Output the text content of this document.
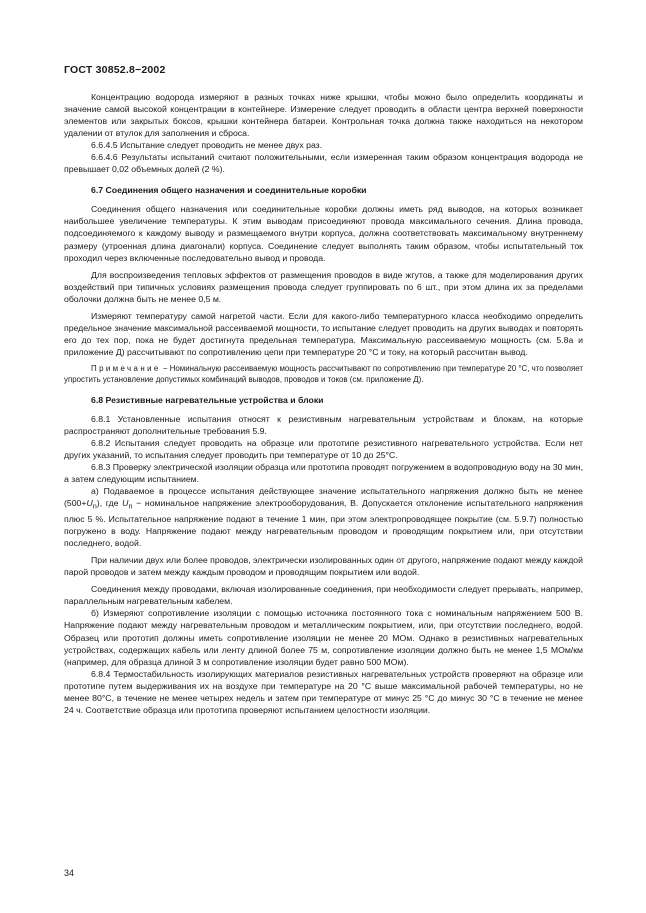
ГОСТ 30852.8−2002

Концентрацию водорода измеряют в разных точках ниже крышки, чтобы можно было определить координаты и значение самой высокой концентрации в контейнере. Измерение следует проводить в области центра верхней поверхности элементов или закрытых боксов, крышки контейнера батареи. Контрольная точка должна также находиться на некотором удалении от втулок для заполнения и сброса.

6.6.4.5 Испытание следует проводить не менее двух раз.

6.6.4.6 Результаты испытаний считают положительными, если измеренная таким образом концентрация водорода не превышает 0,02 объемных долей (2 %).

6.7 Соединения общего назначения и соединительные коробки

Соединения общего назначения или соединительные коробки должны иметь ряд выводов, на которых возникает наибольшее увеличение температуры. К этим выводам присоединяют провода максимального сечения. Длина провода, подсоединяемого к каждому выводу и размещаемого внутри корпуса, должна соответствовать максимальному внутреннему размеру (утроенная длина диагонали) корпуса. Соединение следует выполнять таким образом, чтобы испытательный ток проходил через включенные последовательно вывод и провода.

Для воспроизведения тепловых эффектов от размещения проводов в виде жгутов, а также для моделирования других воздействий при типичных условиях размещения провода следует группировать по 6 шт., при этом длина их за пределами оболочки должна быть не менее 0,5 м.

Измеряют температуру самой нагретой части. Если для какого-либо температурного класса необходимо определить предельное значение максимальной рассеиваемой мощности, то испытание следует проводить на других выводах и повторять его до тех пор, пока не будет достигнута предельная температура. Максимальную рассеиваемую мощность (см. 5.8а и приложение Д) рассчитывают по сопротивлению цепи при температуре 20 °С и току, на который рассчитан вывод.

Примечание − Номинальную рассеиваемую мощность рассчитывают по сопротивлению при температуре 20 °С, что позволяет упростить установление допустимых комбинаций выводов, проводов и токов (см. приложение Д).

6.8 Резистивные нагревательные устройства и блоки

6.8.1 Установленные испытания относят к резистивным нагревательным устройствам и блокам, на которые распространяют дополнительные требования 5.9.

6.8.2 Испытания следует проводить на образце или прототипе резистивного нагревательного устройства. Если нет других указаний, то испытания следует проводить при температуре от 10 до 25°С.

6.8.3 Проверку электрической изоляции образца или прототипа проводят погружением в водопроводную воду на 30 мин, а затем следующим испытанием.

а) Подаваемое в процессе испытания действующее значение испытательного напряжения должно быть не менее $(500+U_n)$, где $U_n$ − номинальное напряжение электрооборудования, В. Допускается отклонение испытательного напряжения плюс 5 %. Испытательное напряжение подают в течение 1 мин, при этом электропроводящее покрытие (см. 5.9.7) полностью погружено в воду. Напряжение подают между нагревательным проводом и проводящим покрытием или, при отсутствии последнего, водой.

При наличии двух или более проводов, электрически изолированных один от другого, напряжение подают между каждой парой проводов и затем между каждым проводом и проводящим покрытием или водой.

Соединения между проводами, включая изолированные соединения, при необходимости следует прерывать, например, параллельным нагревательным кабелем.

б) Измеряют сопротивление изоляции с помощью источника постоянного тока с номинальным напряжением 500 В. Напряжение подают между нагревательным проводом и металлическим покрытием, или, при отсутствии последнего, водой. Образец или прототип должны иметь сопротивление изоляции не менее 20 МОм. Однако в резистивных нагревательных устройствах, содержащих кабель или ленту длиной более 75 м, сопротивление изоляции должно быть не менее 1,5 МОм/км (например, для образца длиной 3 м сопротивление изоляции будет равно 500 МОм).

6.8.4 Термостабильность изолирующих материалов резистивных нагревательных устройств проверяют на образце или прототипе путем выдерживания их на воздухе при температуре на 20 °С выше максимальной рабочей температуры, но не менее 80°С, в течение не менее четырех недель и затем при температуре от минус 25 °С до минус 30 °С в течение не менее 24 ч. Соответствие образца или прототипа проверяют испытанием целостности изоляции.

34
